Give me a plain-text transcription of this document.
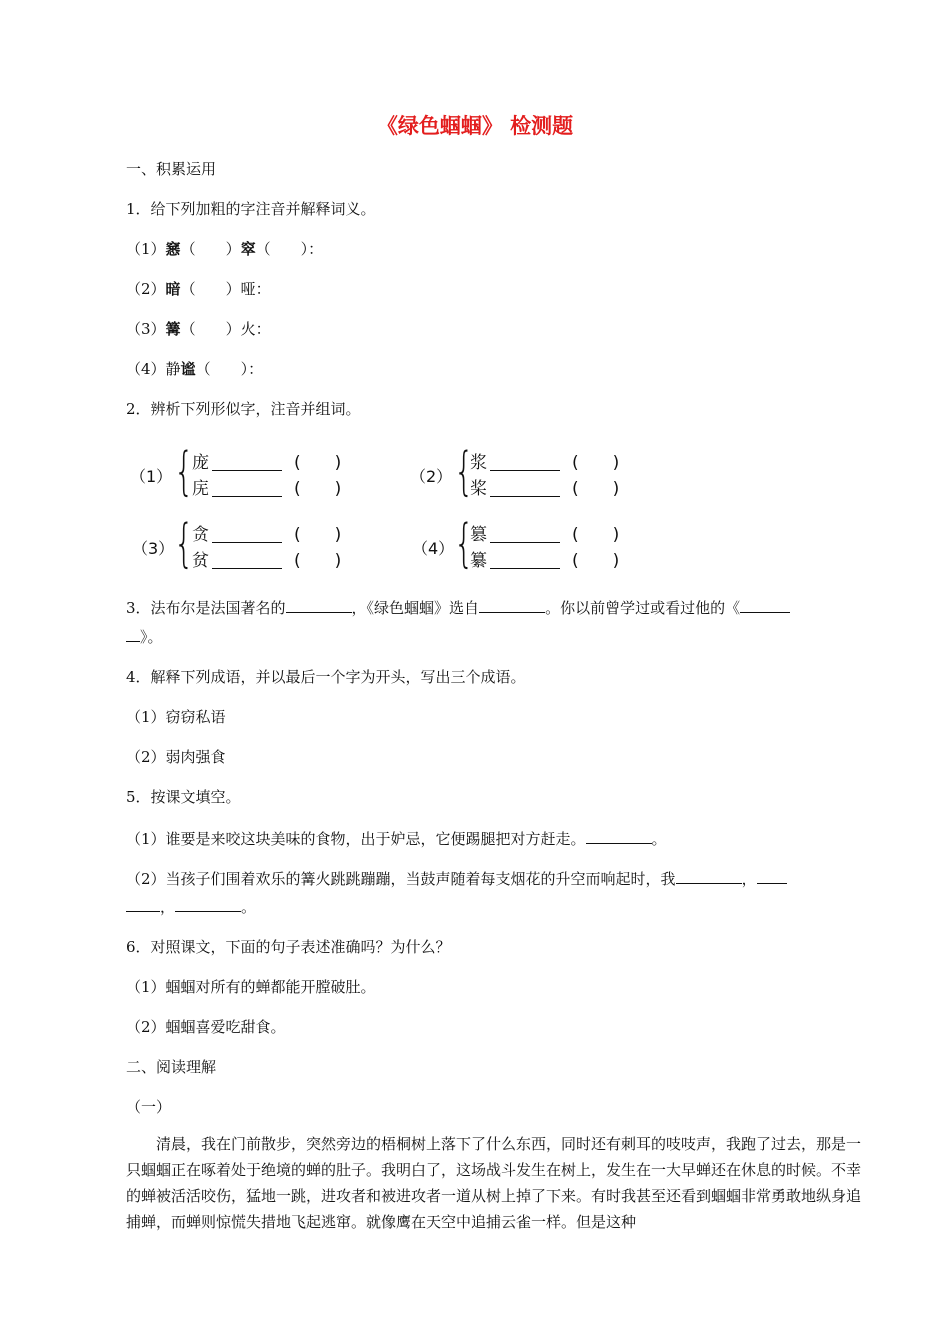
《绿色蝈蝈》 检测题
一、积累运用
1．给下列加粗的字注音并解释词义。
（1）窸（　　）窣（　　）：
（2）暗（　　）哑：
（3）篝（　　）火：
（4）静谧（　　）：
2．辨析下列形似字，注音并组词。
（1） {
庞	(　　)
庑	(　　)
（2） {
浆	(　　)
桨	(　　)
（3） {
贪	(　　)
贫	(　　)
（4） {
篡	(　　)
纂	(　　)
3．法布尔是法国著名的	，《绿色蝈蝈》选自	。你以前曾学过或看过他的《
》。
4．解释下列成语，并以最后一个字为开头，写出三个成语。
（1）窃窃私语
（2）弱肉强食
5．按课文填空。
（1）谁要是来咬这块美味的食物，出于妒忌，它便踢腿把对方赶走。	。
（2）当孩子们围着欢乐的篝火跳跳蹦蹦，当鼓声随着每支烟花的升空而响起时，我	，
，	。
6．对照课文，下面的句子表述准确吗？为什么？
（1）蝈蝈对所有的蝉都能开膛破肚。
（2）蝈蝈喜爱吃甜食。
二、阅读理解
（一）
清晨，我在门前散步，突然旁边的梧桐树上落下了什么东西，同时还有刺耳的吱吱声，我跑了过去，那是一只蝈蝈正在啄着处于绝境的蝉的肚子。我明白了，这场战斗发生在树上，发生在一大早蝉还在休息的时候。不幸的蝉被活活咬伤，猛地一跳，进攻者和被进攻者一道从树上掉了下来。有时我甚至还看到蝈蝈非常勇敢地纵身追捕蝉，而蝉则惊慌失措地飞起逃窜。就像鹰在天空中追捕云雀一样。但是这种
